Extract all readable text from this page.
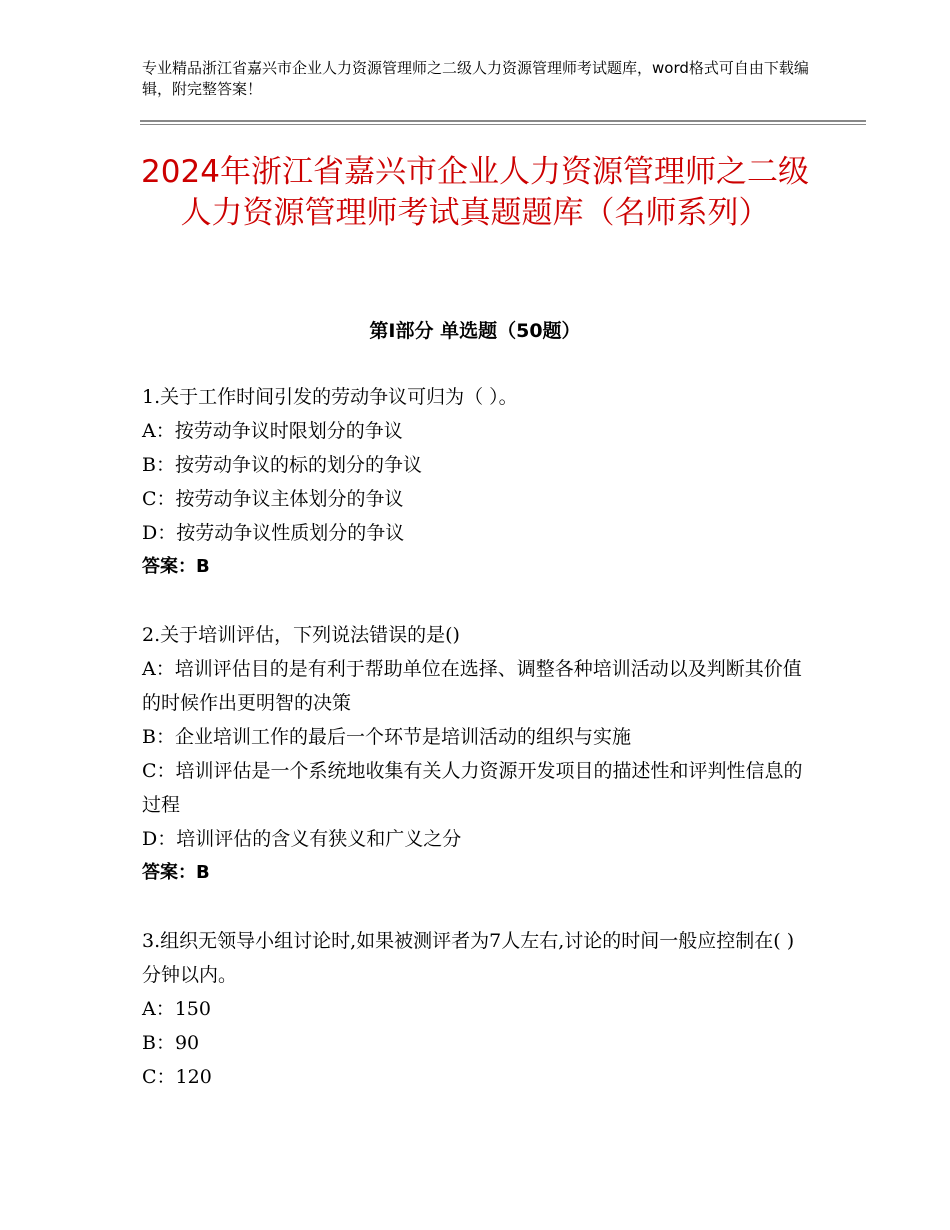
专业精品浙江省嘉兴市企业人力资源管理师之二级人力资源管理师考试题库，word格式可自由下载编辑，附完整答案！
2024年浙江省嘉兴市企业人力资源管理师之二级人力资源管理师考试真题题库（名师系列）
第Ⅰ部分 单选题（50题）
1.关于工作时间引发的劳动争议可归为（ ）。
A：按劳动争议时限划分的争议
B：按劳动争议的标的划分的争议
C：按劳动争议主体划分的争议
D：按劳动争议性质划分的争议
答案：B
2.关于培训评估，下列说法错误的是()
A：培训评估目的是有利于帮助单位在选择、调整各种培训活动以及判断其价值的时候作出更明智的决策
B：企业培训工作的最后一个环节是培训活动的组织与实施
C：培训评估是一个系统地收集有关人力资源开发项目的描述性和评判性信息的过程
D：培训评估的含义有狭义和广义之分
答案：B
3.组织无领导小组讨论时,如果被测评者为7人左右,讨论的时间一般应控制在( )分钟以内。
A：150
B：90
C：120
